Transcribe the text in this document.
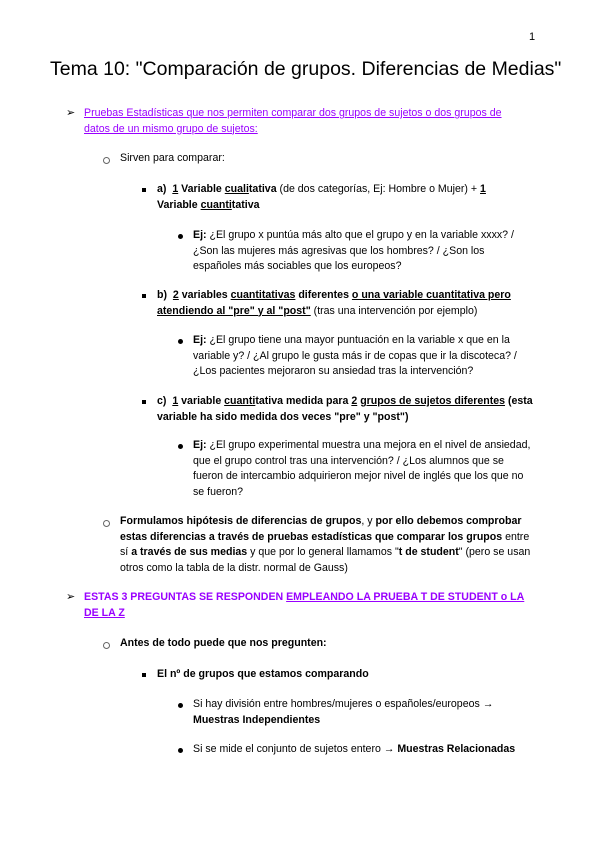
1
Tema 10: "Comparación de grupos. Diferencias de Medias"
➢ Pruebas Estadísticas que nos permiten comparar dos grupos de sujetos o dos grupos de datos de un mismo grupo de sujetos:
Sirven para comparar:
a) 1 Variable cualitativa (de dos categorías, Ej: Hombre o Mujer) + 1
Variable cuantitativa
Ej: ¿El grupo x puntúa más alto que el grupo y en la variable xxxx? / ¿Son las mujeres más agresivas que los hombres? / ¿Son los españoles más sociables que los europeos?
b) 2 variables cuantitativas diferentes o una variable cuantitativa pero atendiendo al "pre" y al "post" (tras una intervención por ejemplo)
Ej: ¿El grupo tiene una mayor puntuación en la variable x que en la variable y? / ¿Al grupo le gusta más ir de copas que ir la discoteca? / ¿Los pacientes mejoraron su ansiedad tras la intervención?
c) 1 variable cuantitativa medida para 2 grupos de sujetos diferentes (esta variable ha sido medida dos veces "pre" y "post")
Ej: ¿El grupo experimental muestra una mejora en el nivel de ansiedad, que el grupo control tras una intervención? / ¿Los alumnos que se fueron de intercambio adquirieron mejor nivel de inglés que los que no se fueron?
Formulamos hipótesis de diferencias de grupos, y por ello debemos comprobar estas diferencias a través de pruebas estadísticas que comparar los grupos entre sí a través de sus medias y que por lo general llamamos "t de student" (pero se usan otros como la tabla de la distr. normal de Gauss)
➢ ESTAS 3 PREGUNTAS SE RESPONDEN EMPLEANDO LA PRUEBA T DE STUDENT o LA DE LA Z
Antes de todo puede que nos pregunten:
El nº de grupos que estamos comparando
Si hay división entre hombres/mujeres o españoles/europeos → Muestras Independientes
Si se mide el conjunto de sujetos entero → Muestras Relacionadas
